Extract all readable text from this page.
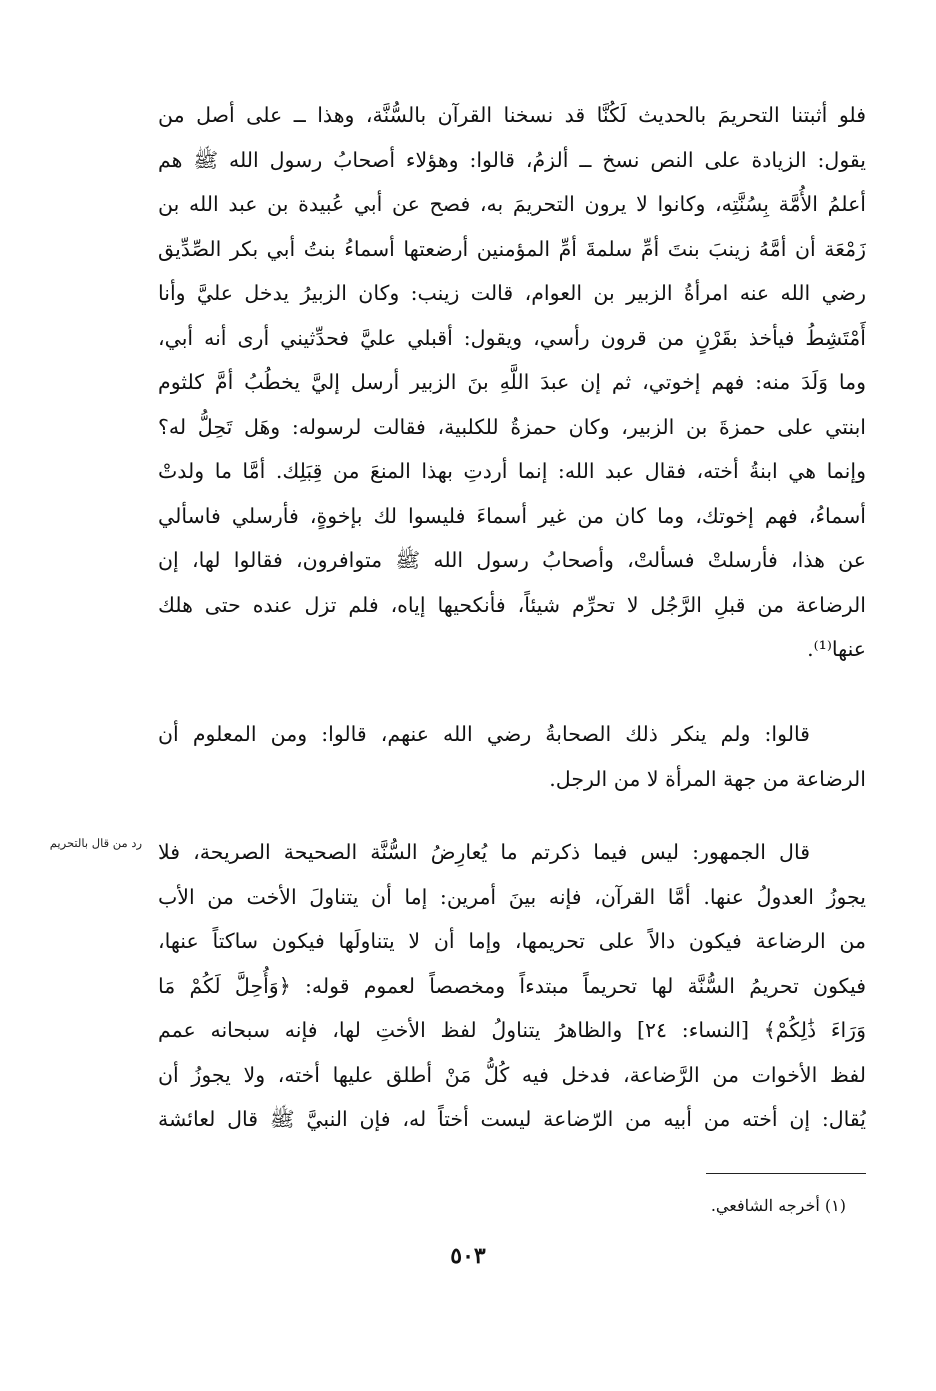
فلو أثبتنا التحريمَ بالحديث لَكُنَّا قد نسخنا القرآن بالسُّنَّة، وهذا ــ على أصل من
يقول: الزيادة على النص نسخ ــ ألزمُ، قالوا: وهؤلاء أصحابُ رسول الله ﷺ هم
أعلمُ الأُمَّة بِسُنَّتِه، وكانوا لا يرون التحريمَ به، فصح عن أبي عُبيدة بن عبد الله بن
زَمْعَة أن أمَّهُ زينبَ بنتَ أمِّ سلمةَ أمِّ المؤمنين أرضعتها أسماءُ بنتُ أبي بكر الصِّدِّيق
رضي الله عنه امرأةُ الزبير بن العوام، قالت زينب: وكان الزبيرُ يدخل عليَّ وأنا
أَمْتَشِطُ فيأخذ بقَرْنٍ من قرون رأسي، ويقول: أقبلي عليَّ فحدِّثيني أرى أنه أبي،
وما وَلَدَ منه: فهم إخوتي، ثم إن عبدَ اللَّهِ بنَ الزبير أرسل إليَّ يخطُبُ أمَّ كلثوم
ابنتي على حمزةَ بن الزبير، وكان حمزةُ للكلبية، فقالت لرسوله: وهَل تَحِلُّ له؟
وإنما هي ابنةُ أخته، فقال عبد الله: إنما أردتِ بهذا المنعَ من قِبَلِك. أمَّا ما ولدتْ
أسماءُ، فهم إخوتك، وما كان من غير أسماءَ فليسوا لك بإخوةٍ، فأرسلي فاسألي
عن هذا، فأرسلتْ فسألتْ، وأصحابُ رسول الله ﷺ متوافرون، فقالوا لها، إن
الرضاعة من قبلِ الرَّجُل لا تحرِّم شيئاً، فأنكحيها إياه، فلم تزل عنده حتى هلك
عنها⁽¹⁾.
قالوا: ولم ينكر ذلك الصحابةُ رضي الله عنهم، قالوا: ومن المعلوم أن
الرضاعة من جهة المرأة لا من الرجل.
رد من قال بالتحريم قال الجمهور: ليس فيما ذكرتم ما يُعارِضُ السُّنَّة الصحيحة الصريحة، فلا
يجوزُ العدولُ عنها. أمَّا القرآن، فإنه بينَ أمرين: إما أن يتناولَ الأخت من الأب
من الرضاعة فيكون دالاً على تحريمها، وإما أن لا يتناولَها فيكون ساكتاً عنها،
فيكون تحريمُ السُّنَّة لها تحريماً مبتدءاً ومخصصاً لعموم قوله: ﴿وَأُحِلَّ لَكُمْ مَا
وَرَاءَ ذَٰلِكُمْ﴾ [النساء: ٢٤] والظاهرُ يتناولُ لفظ الأختِ لها، فإنه سبحانه عمم
لفظ الأخوات من الرَّضاعة، فدخل فيه كُلُّ مَنْ أطلق عليها أخته، ولا يجوزُ أن
يُقال: إن أخته من أبيه من الرّضاعة ليست أختاً له، فإن النبيَّ ﷺ قال لعائشة
(١) أخرجه الشافعي.
٥٠٣
